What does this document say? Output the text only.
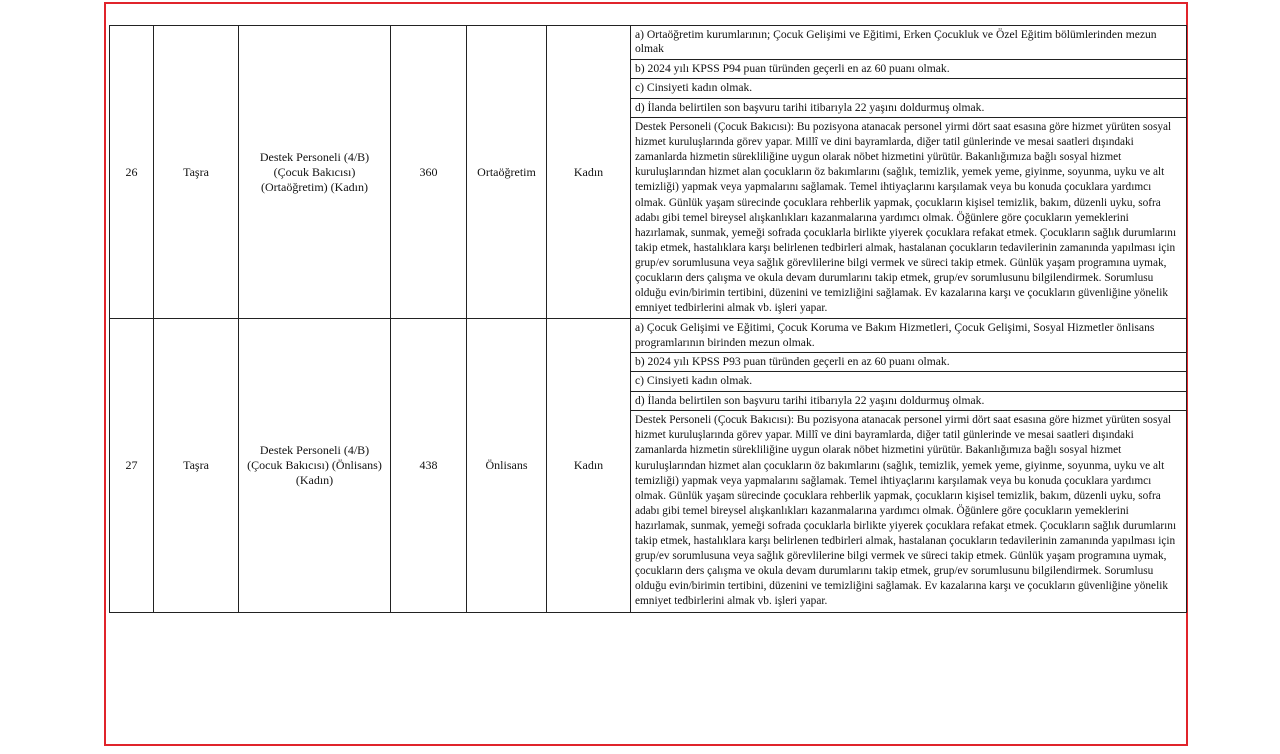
26	Taşra	Destek Personeli (4/B) (Çocuk Bakıcısı) (Ortaöğretim) (Kadın)	360	Ortaöğretim	Kadın	
a) Ortaöğretim kurumlarının; Çocuk Gelişimi ve Eğitimi, Erken Çocukluk ve Özel Eğitim bölümlerinden mezun olmak
b) 2024 yılı KPSS P94 puan türünden geçerli en az 60 puanı olmak.
c) Cinsiyeti kadın olmak.
d) İlanda belirtilen son başvuru tarihi itibarıyla 22 yaşını doldurmuş olmak.
Destek Personeli (Çocuk Bakıcısı): Bu pozisyona atanacak personel yirmi dört saat esasına göre hizmet yürüten sosyal hizmet kuruluşlarında görev yapar. Millî ve dini bayramlarda, diğer tatil günlerinde ve mesai saatleri dışındaki zamanlarda hizmetin sürekliliğine uygun olarak nöbet hizmetini yürütür. Bakanlığımıza bağlı sosyal hizmet kuruluşlarından hizmet alan çocukların öz bakımlarını (sağlık, temizlik, yemek yeme, giyinme, soyunma, uyku ve alt temizliği) yapmak veya yapmalarını sağlamak. Temel ihtiyaçlarını karşılamak veya bu konuda çocuklara yardımcı olmak. Günlük yaşam sürecinde çocuklara rehberlik yapmak, çocukların kişisel temizlik, bakım, düzenli uyku, sofra adabı gibi temel bireysel alışkanlıkları kazanmalarına yardımcı olmak. Öğünlere göre çocukların yemeklerini hazırlamak, sunmak, yemeği sofrada çocuklarla birlikte yiyerek çocuklara refakat etmek. Çocukların sağlık durumlarını takip etmek, hastalıklara karşı belirlenen tedbirleri almak, hastalanan çocukların tedavilerinin zamanında yapılması için grup/ev sorumlusuna veya sağlık görevlilerine bilgi vermek ve süreci takip etmek. Günlük yaşam programına uymak, çocukların ders çalışma ve okula devam durumlarını takip etmek, grup/ev sorumlusunu bilgilendirmek. Sorumlusu olduğu evin/birimin tertibini, düzenini ve temizliğini sağlamak. Ev kazalarına karşı ve çocukların güvenliğine yönelik emniyet tedbirlerini almak vb. işleri yapar.

27	Taşra	Destek Personeli (4/B) (Çocuk Bakıcısı) (Önlisans) (Kadın)	438	Önlisans	Kadın	
a) Çocuk Gelişimi ve Eğitimi, Çocuk Koruma ve Bakım Hizmetleri, Çocuk Gelişimi, Sosyal Hizmetler önlisans programlarının birinden mezun olmak.
b) 2024 yılı KPSS P93 puan türünden geçerli en az 60 puanı olmak.
c) Cinsiyeti kadın olmak.
d) İlanda belirtilen son başvuru tarihi itibarıyla 22 yaşını doldurmuş olmak.
Destek Personeli (Çocuk Bakıcısı): Bu pozisyona atanacak personel yirmi dört saat esasına göre hizmet yürüten sosyal hizmet kuruluşlarında görev yapar. Millî ve dini bayramlarda, diğer tatil günlerinde ve mesai saatleri dışındaki zamanlarda hizmetin sürekliliğine uygun olarak nöbet hizmetini yürütür. Bakanlığımıza bağlı sosyal hizmet kuruluşlarından hizmet alan çocukların öz bakımlarını (sağlık, temizlik, yemek yeme, giyinme, soyunma, uyku ve alt temizliği) yapmak veya yapmalarını sağlamak. Temel ihtiyaçlarını karşılamak veya bu konuda çocuklara yardımcı olmak. Günlük yaşam sürecinde çocuklara rehberlik yapmak, çocukların kişisel temizlik, bakım, düzenli uyku, sofra adabı gibi temel bireysel alışkanlıkları kazanmalarına yardımcı olmak. Öğünlere göre çocukların yemeklerini hazırlamak, sunmak, yemeği sofrada çocuklarla birlikte yiyerek çocuklara refakat etmek. Çocukların sağlık durumlarını takip etmek, hastalıklara karşı belirlenen tedbirleri almak, hastalanan çocukların tedavilerinin zamanında yapılması için grup/ev sorumlusuna veya sağlık görevlilerine bilgi vermek ve süreci takip etmek. Günlük yaşam programına uymak, çocukların ders çalışma ve okula devam durumlarını takip etmek, grup/ev sorumlusunu bilgilendirmek. Sorumlusu olduğu evin/birimin tertibini, düzenini ve temizliğini sağlamak. Ev kazalarına karşı ve çocukların güvenliğine yönelik emniyet tedbirlerini almak vb. işleri yapar.
